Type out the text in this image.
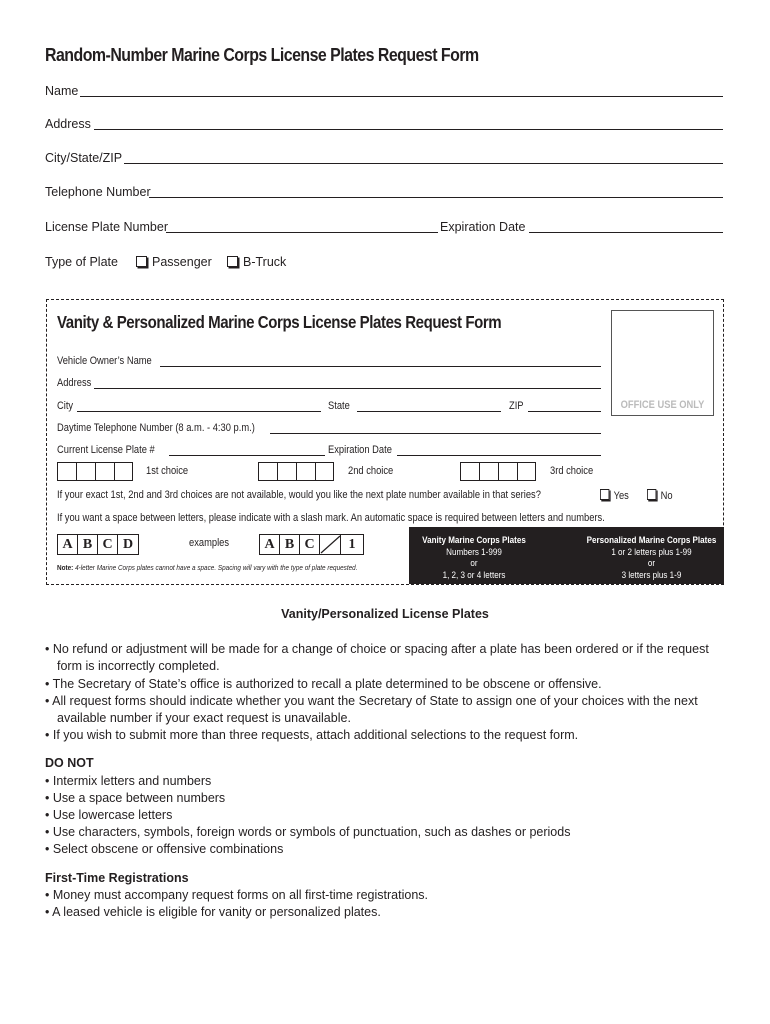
Random-Number Marine Corps License Plates Request Form
Name
Address
City/State/ZIP
Telephone Number
License Plate Number	Expiration Date
Type of Plate	Passenger	B-Truck
Vanity & Personalized Marine Corps License Plates Request Form
OFFICE USE ONLY
Vehicle Owner’s Name
Address
City	State	ZIP
Daytime Telephone Number (8 a.m. - 4:30 p.m.)
Current License Plate #	Expiration Date
1st choice	2nd choice	3rd choice
If your exact 1st, 2nd and 3rd choices are not available, would you like the next plate number available in that series?	Yes	No
If you want a space between letters, please indicate with a slash mark. An automatic space is required between letters and numbers.
A B C D	examples	A B C	1
Note: 4-letter Marine Corps plates cannot have a space. Spacing will vary with the type of plate requested.
Vanity Marine Corps Plates
Numbers 1-999
or
1, 2, 3 or 4 letters
Personalized Marine Corps Plates
1 or 2 letters plus 1-99
or
3 letters plus 1-9
Vanity/Personalized License Plates
• No refund or adjustment will be made for a change of choice or spacing after a plate has been ordered or if the request
form is incorrectly completed.
• The Secretary of State’s office is authorized to recall a plate determined to be obscene or offensive.
• All request forms should indicate whether you want the Secretary of State to assign one of your choices with the next
available number if your exact request is unavailable.
• If you wish to submit more than three requests, attach additional selections to the request form.
DO NOT
• Intermix letters and numbers
• Use a space between numbers
• Use lowercase letters
• Use characters, symbols, foreign words or symbols of punctuation, such as dashes or periods
• Select obscene or offensive combinations
First-Time Registrations
• Money must accompany request forms on all first-time registrations.
• A leased vehicle is eligible for vanity or personalized plates.
